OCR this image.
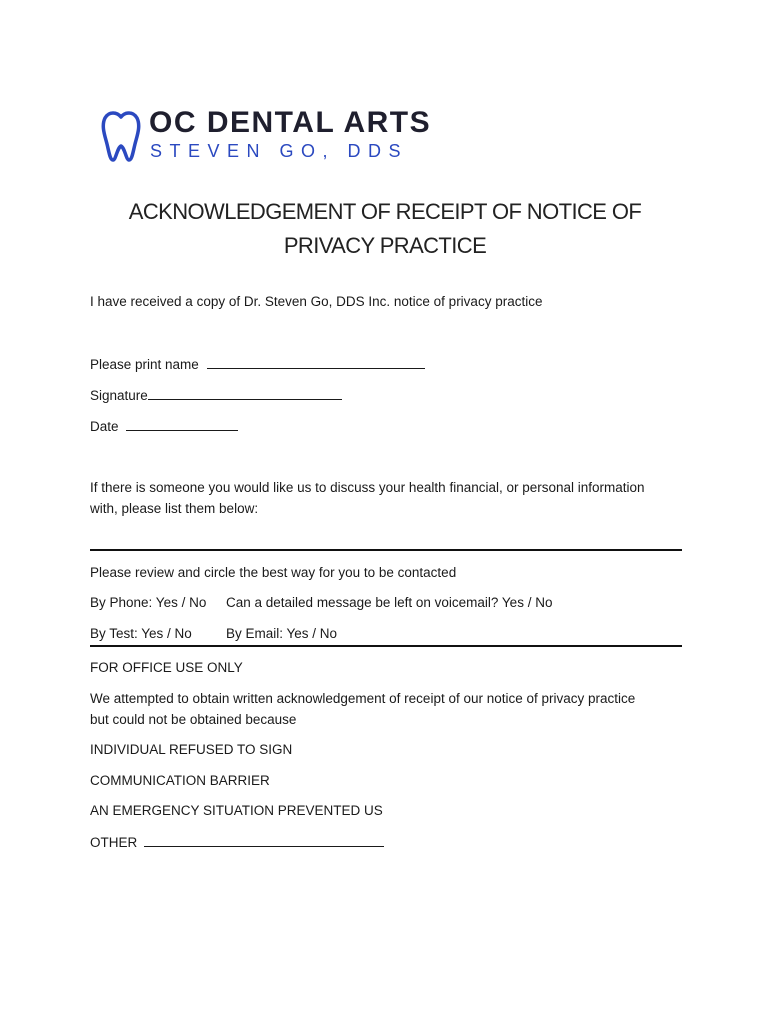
OC DENTAL ARTS
STEVEN GO, DDS
ACKNOWLEDGEMENT OF RECEIPT OF NOTICE OF
PRIVACY PRACTICE
I have received a copy of Dr. Steven Go, DDS Inc. notice of privacy practice
Please print name
Signature
Date
If there is someone you would like us to discuss your health financial, or personal information
with, please list them below:
Please review and circle the best way for you to be contacted
By Phone: Yes / No Can a detailed message be left on voicemail? Yes / No
By Test: Yes / No	By Email: Yes / No
FOR OFFICE USE ONLY
We attempted to obtain written acknowledgement of receipt of our notice of privacy practice
but could not be obtained because
INDIVIDUAL REFUSED TO SIGN
COMMUNICATION BARRIER
AN EMERGENCY SITUATION PREVENTED US
OTHER
